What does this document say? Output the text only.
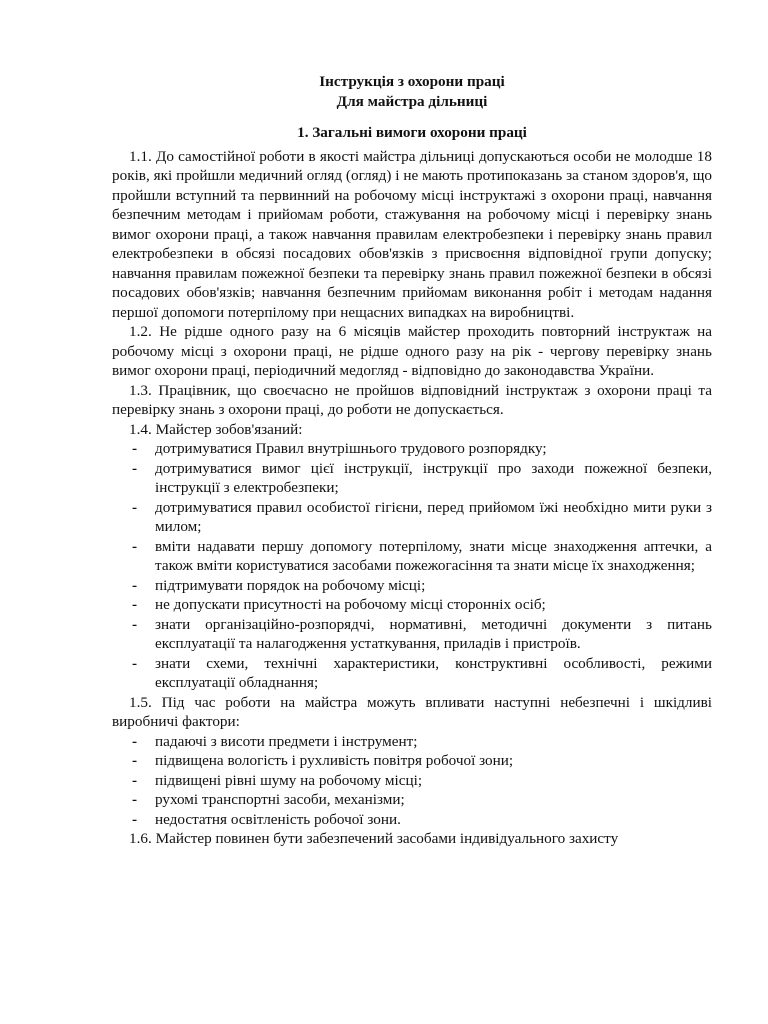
Інструкція з охорони праці
Для майстра дільниці
1. Загальні вимоги охорони праці
1.1. До самостійної роботи в якості майстра дільниці допускаються особи не молодше 18 років, які пройшли медичний огляд (огляд) і не мають протипоказань за станом здоров'я, що пройшли вступний та первинний на робочому місці інструктажі з охорони праці, навчання безпечним методам і прийомам роботи, стажування на робочому місці і перевірку знань вимог охорони праці, а також навчання правилам електробезпеки і перевірку знань правил електробезпеки в обсязі посадових обов'язків з присвоєння відповідної групи допуску; навчання правилам пожежної безпеки та перевірку знань правил пожежної безпеки в обсязі посадових обов'язків; навчання безпечним прийомам виконання робіт і методам надання першої допомоги потерпілому при нещасних випадках на виробництві.
1.2. Не рідше одного разу на 6 місяців майстер проходить повторний інструктаж на робочому місці з охорони праці, не рідше одного разу на рік - чергову перевірку знань вимог охорони праці, періодичний медогляд - відповідно до законодавства України.
1.3. Працівник, що своєчасно не пройшов відповідний інструктаж з охорони праці та перевірку знань з охорони праці, до роботи не допускається.
1.4. Майстер зобов'язаний:
- дотримуватися Правил внутрішнього трудового розпорядку;
- дотримуватися вимог цієї інструкції, інструкції про заходи пожежної безпеки, інструкції з електробезпеки;
- дотримуватися правил особистої гігієни, перед прийомом їжі необхідно мити руки з милом;
- вміти надавати першу допомогу потерпілому, знати місце знаходження аптечки, а також вміти користуватися засобами пожежогасіння та знати місце їх знаходження;
- підтримувати порядок на робочому місці;
- не допускати присутності на робочому місці сторонніх осіб;
- знати організаційно-розпорядчі, нормативні, методичні документи з питань експлуатації та налагодження устаткування, приладів і пристроїв.
- знати схеми, технічні характеристики, конструктивні особливості, режими експлуатації обладнання;
1.5. Під час роботи на майстра можуть впливати наступні небезпечні і шкідливі виробничі фактори:
- падаючі з висоти предмети і інструмент;
- підвищена вологість і рухливість повітря робочої зони;
- підвищені рівні шуму на робочому місці;
- рухомі транспортні засоби, механізми;
- недостатня освітленість робочої зони.
1.6. Майстер повинен бути забезпечений засобами індивідуального захисту
